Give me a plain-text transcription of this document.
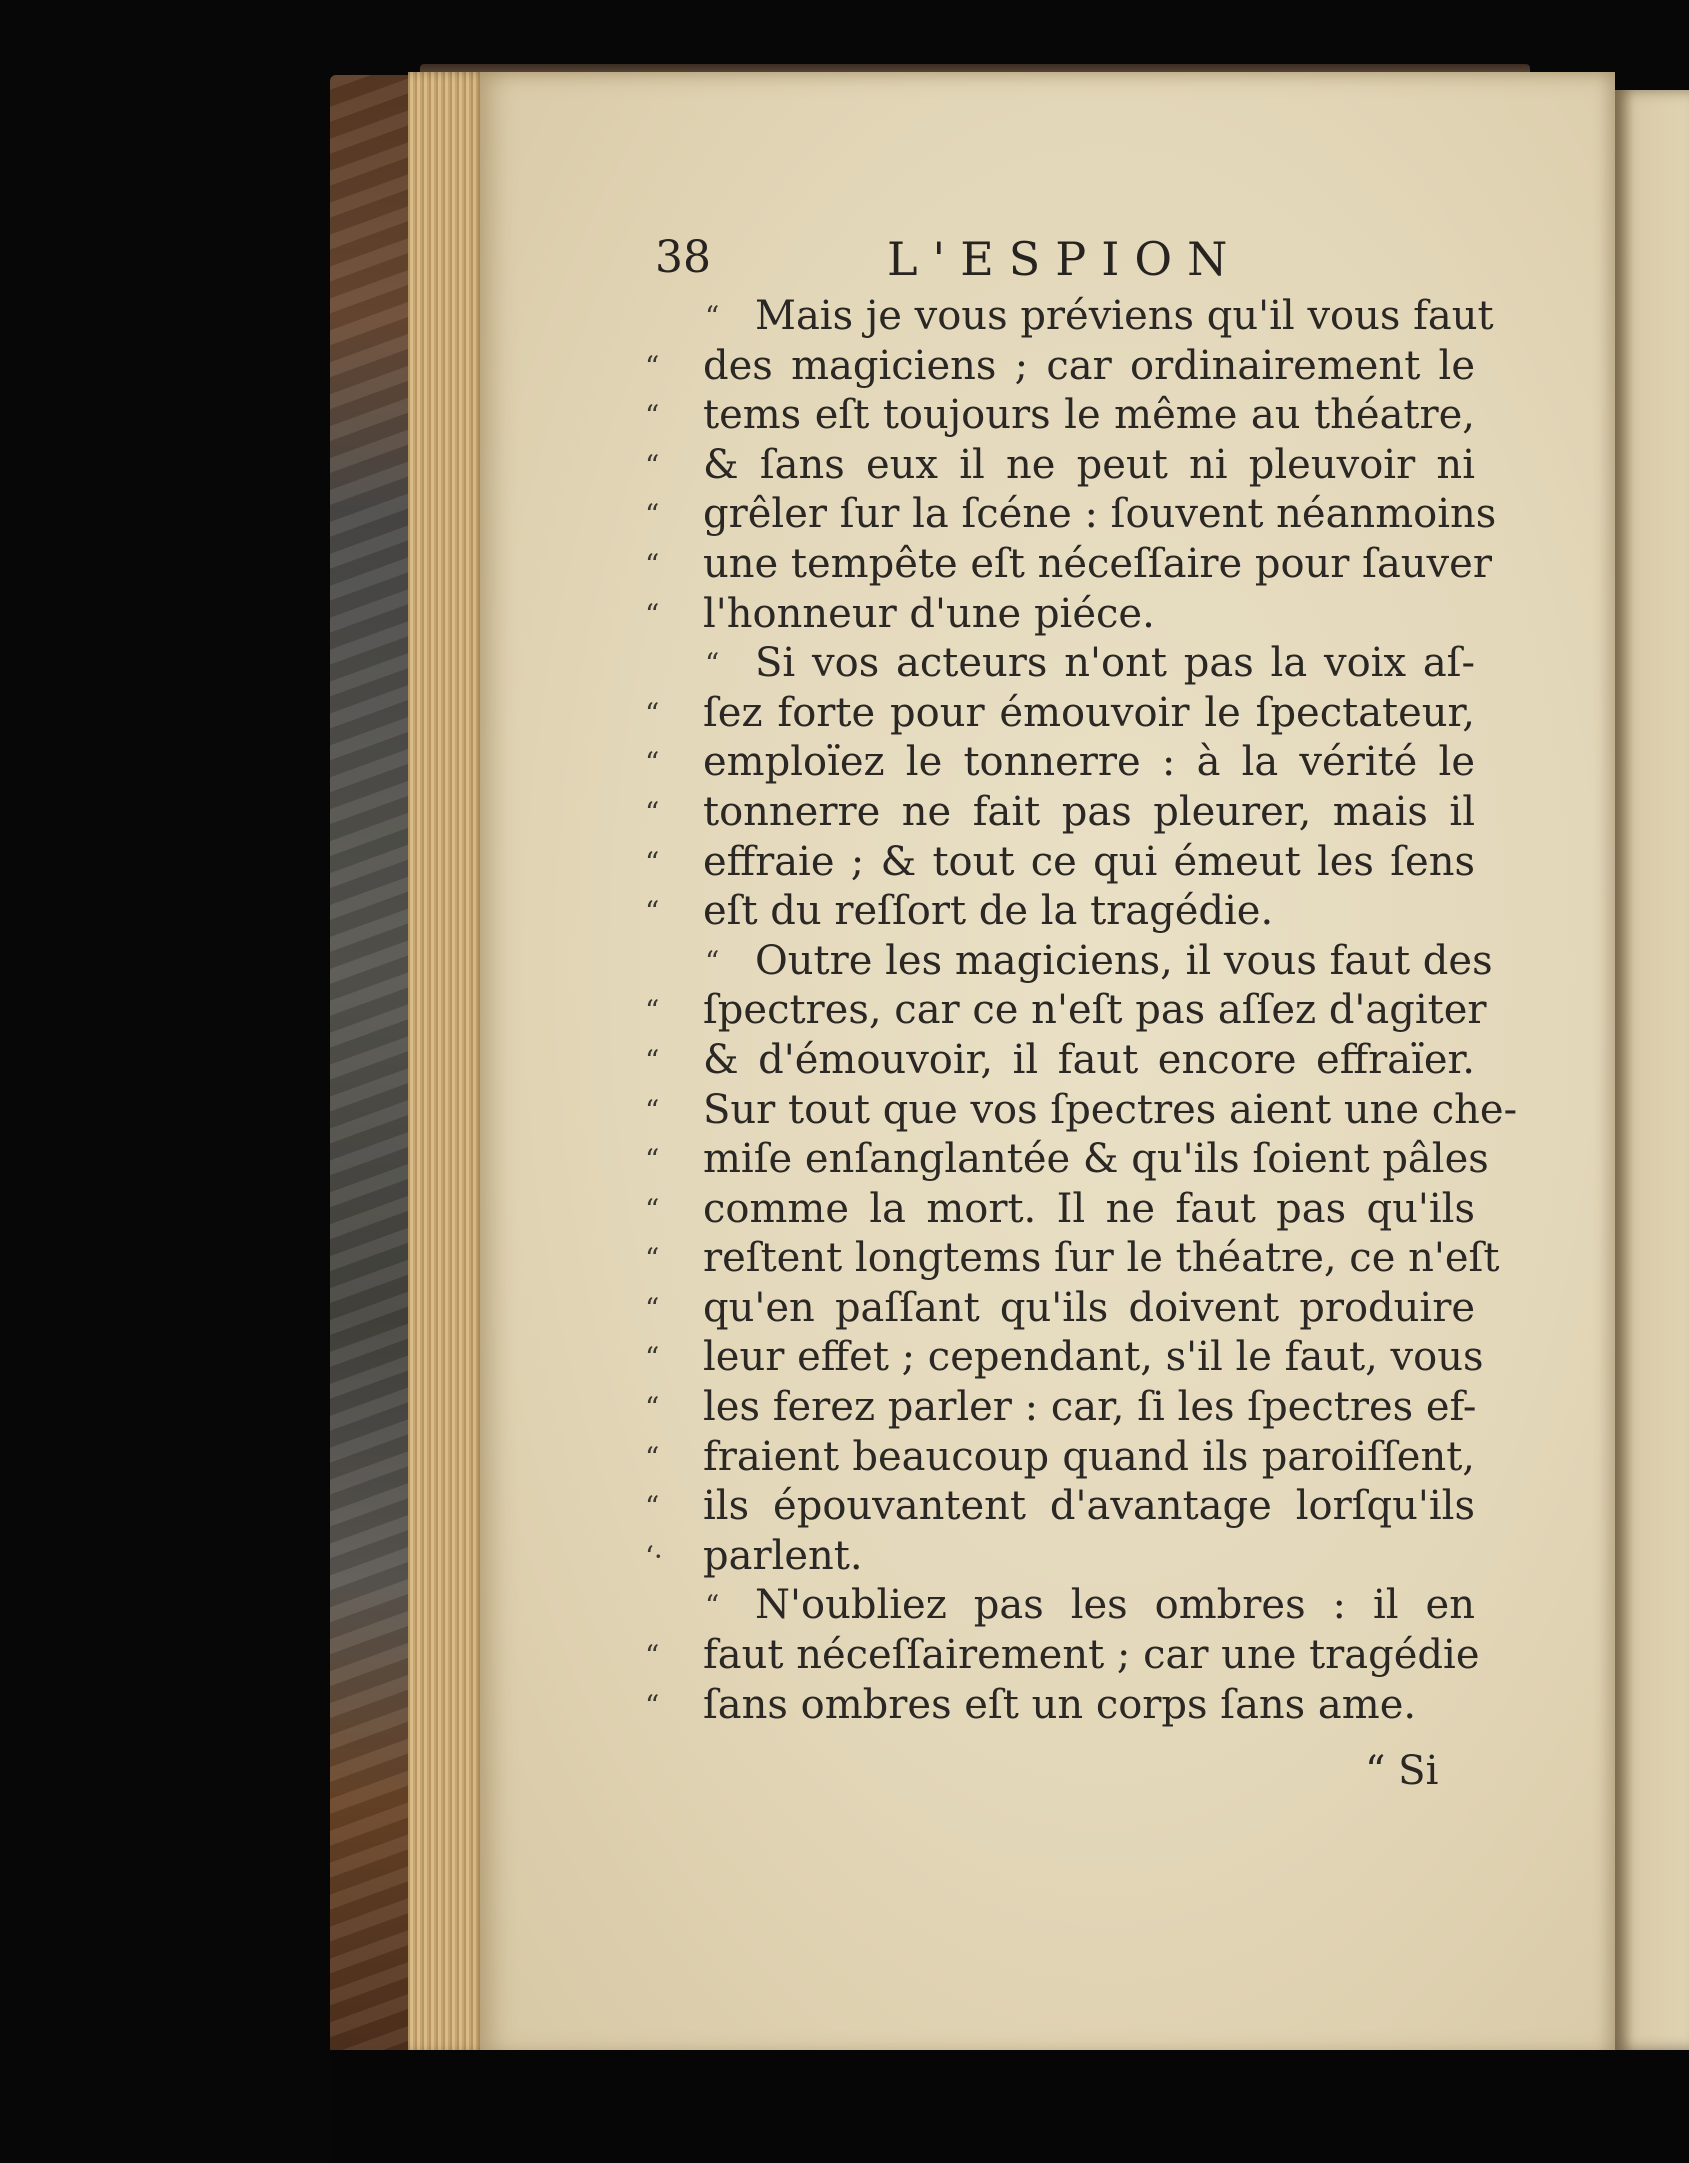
38	L'ESPION
“ Mais je vous préviens qu'il vous faut
“	des magiciens ; car ordinairement le
“	tems eſt toujours le même au théatre,
“	& ſans eux il ne peut ni pleuvoir ni
“	grêler ſur la ſcéne : ſouvent néanmoins
“	une tempête eſt néceſſaire pour ſauver
“	l'honneur d'une piéce.
“ Si vos acteurs n'ont pas la voix aſ-
“	ſez forte pour émouvoir le ſpectateur,
“	emploïez le tonnerre : à la vérité le
“	tonnerre ne fait pas pleurer, mais il
“	effraie ; & tout ce qui émeut les ſens
“	eſt du reſſort de la tragédie.
“ Outre les magiciens, il vous faut des
“	ſpectres, car ce n'eſt pas aſſez d'agiter
“	& d'émouvoir, il faut encore effraïer.
“	Sur tout que vos ſpectres aient une che-
“	miſe enſanglantée & qu'ils ſoient pâles
“	comme la mort. Il ne faut pas qu'ils
“	reſtent longtems ſur le théatre, ce n'eſt
“	qu'en paſſant qu'ils doivent produire
“	leur effet ; cependant, s'il le faut, vous
“	les ferez parler : car, ſi les ſpectres ef-
“	fraient beaucoup quand ils paroiſſent,
“	ils épouvantent d'avantage lorſqu'ils
‘·	parlent.
“ N'oubliez pas les ombres : il en
“	faut néceſſairement ; car une tragédie
“	ſans ombres eſt un corps ſans ame.
“ Si
